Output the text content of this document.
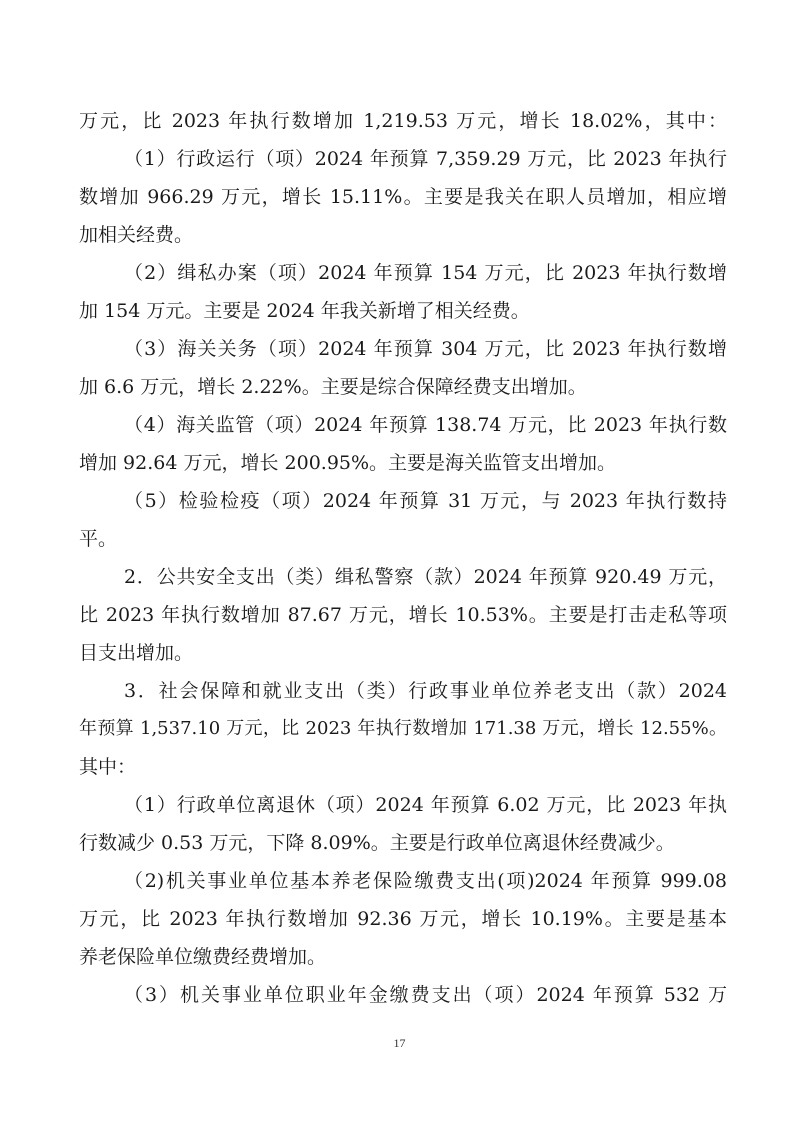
万元，比 2023 年执行数增加 1,219.53 万元，增长 18.02%，其中：
（1）行政运行（项）2024 年预算 7,359.29 万元，比 2023 年执行
数增加 966.29 万元，增长 15.11%。主要是我关在职人员增加，相应增
加相关经费。
（2）缉私办案（项）2024 年预算 154 万元，比 2023 年执行数增
加 154 万元。主要是 2024 年我关新增了相关经费。
（3）海关关务（项）2024 年预算 304 万元，比 2023 年执行数增
加 6.6 万元，增长 2.22%。主要是综合保障经费支出增加。
（4）海关监管（项）2024 年预算 138.74 万元，比 2023 年执行数
增加 92.64 万元，增长 200.95%。主要是海关监管支出增加。
（5）检验检疫（项）2024 年预算 31 万元，与 2023 年执行数持
平。
2．公共安全支出（类）缉私警察（款）2024 年预算 920.49 万元，
比 2023 年执行数增加 87.67 万元，增长 10.53%。主要是打击走私等项
目支出增加。
3．社会保障和就业支出（类）行政事业单位养老支出（款）2024
年预算 1,537.10 万元，比 2023 年执行数增加 171.38 万元，增长 12.55%。
其中：
（1）行政单位离退休（项）2024 年预算 6.02 万元，比 2023 年执
行数减少 0.53 万元，下降 8.09%。主要是行政单位离退休经费减少。
（2)机关事业单位基本养老保险缴费支出(项)2024 年预算 999.08
万元，比 2023 年执行数增加 92.36 万元，增长 10.19%。主要是基本
养老保险单位缴费经费增加。
（3）机关事业单位职业年金缴费支出（项）2024 年预算 532 万
17
